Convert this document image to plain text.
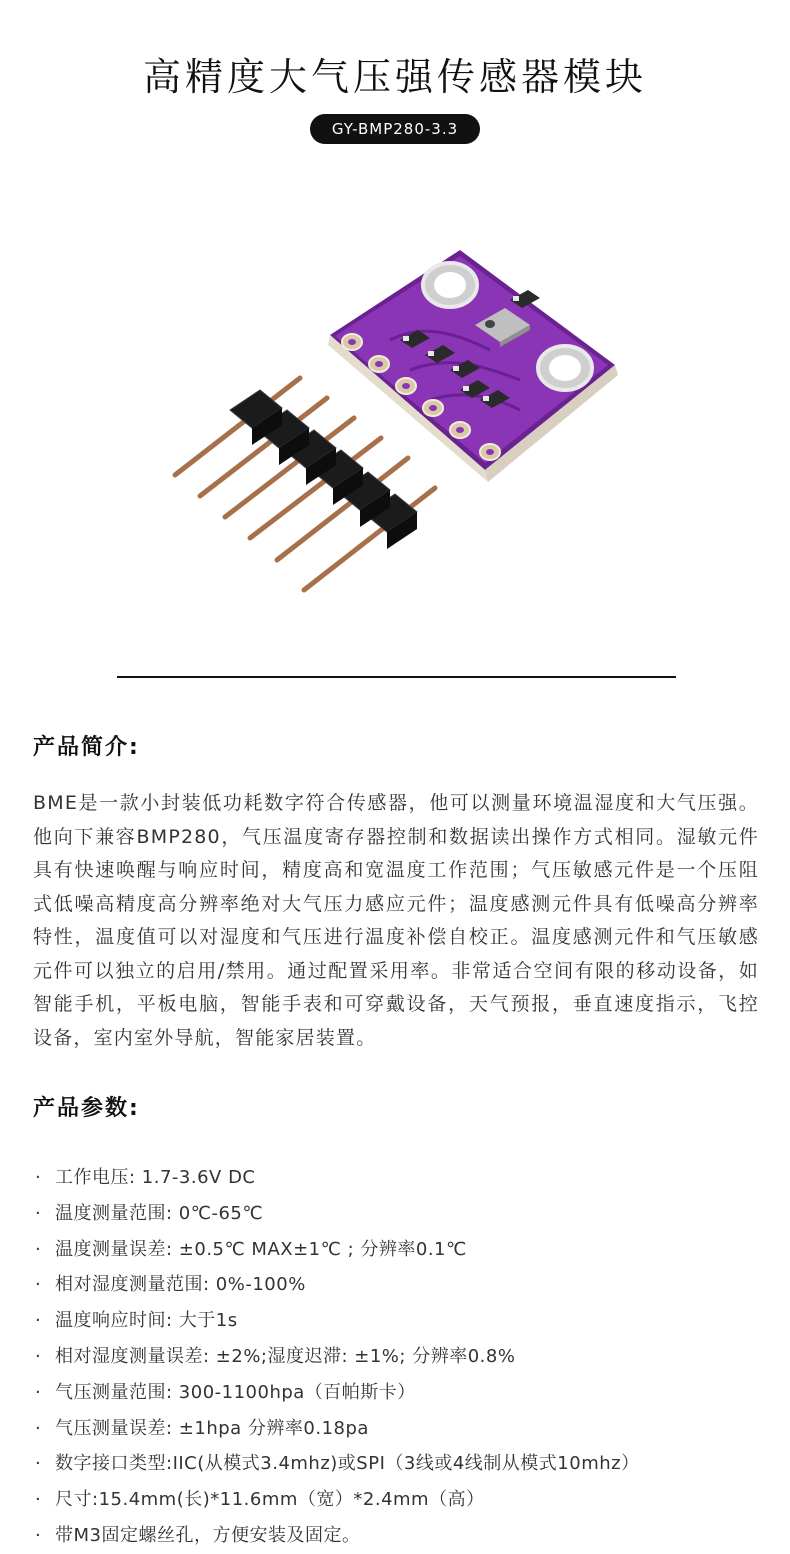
高精度大气压强传感器模块
GY-BMP280-3.3
产品简介:

BME是一款小封装低功耗数字符合传感器，他可以测量环境温湿度和大气压强。他向下兼容BMP280，气压温度寄存器控制和数据读出操作方式相同。湿敏元件具有快速唤醒与响应时间，精度高和宽温度工作范围；气压敏感元件是一个压阻式低噪高精度高分辨率绝对大气压力感应元件；温度感测元件具有低噪高分辨率特性，温度值可以对湿度和气压进行温度补偿自校正。温度感测元件和气压敏感元件可以独立的启用/禁用。通过配置采用率。非常适合空间有限的移动设备，如智能手机，平板电脑，智能手表和可穿戴设备，天气预报，垂直速度指示，飞控设备，室内室外导航，智能家居装置。

产品参数:
· 工作电压: 1.7-3.6V DC
· 温度测量范围: 0℃-65℃
· 温度测量误差: ±0.5℃ MAX±1℃ ; 分辨率0.1℃
· 相对湿度测量范围: 0%-100%
· 温度响应时间: 大于1s
· 相对湿度测量误差: ±2%;湿度迟滞: ±1%; 分辨率0.8%
· 气压测量范围: 300-1100hpa（百帕斯卡）
· 气压测量误差: ±1hpa 分辨率0.18pa
· 数字接口类型:IIC(从模式3.4mhz)或SPI（3线或4线制从模式10mhz）
· 尺寸:15.4mm(长)*11.6mm（宽）*2.4mm（高）
· 带M3固定螺丝孔，方便安装及固定。
